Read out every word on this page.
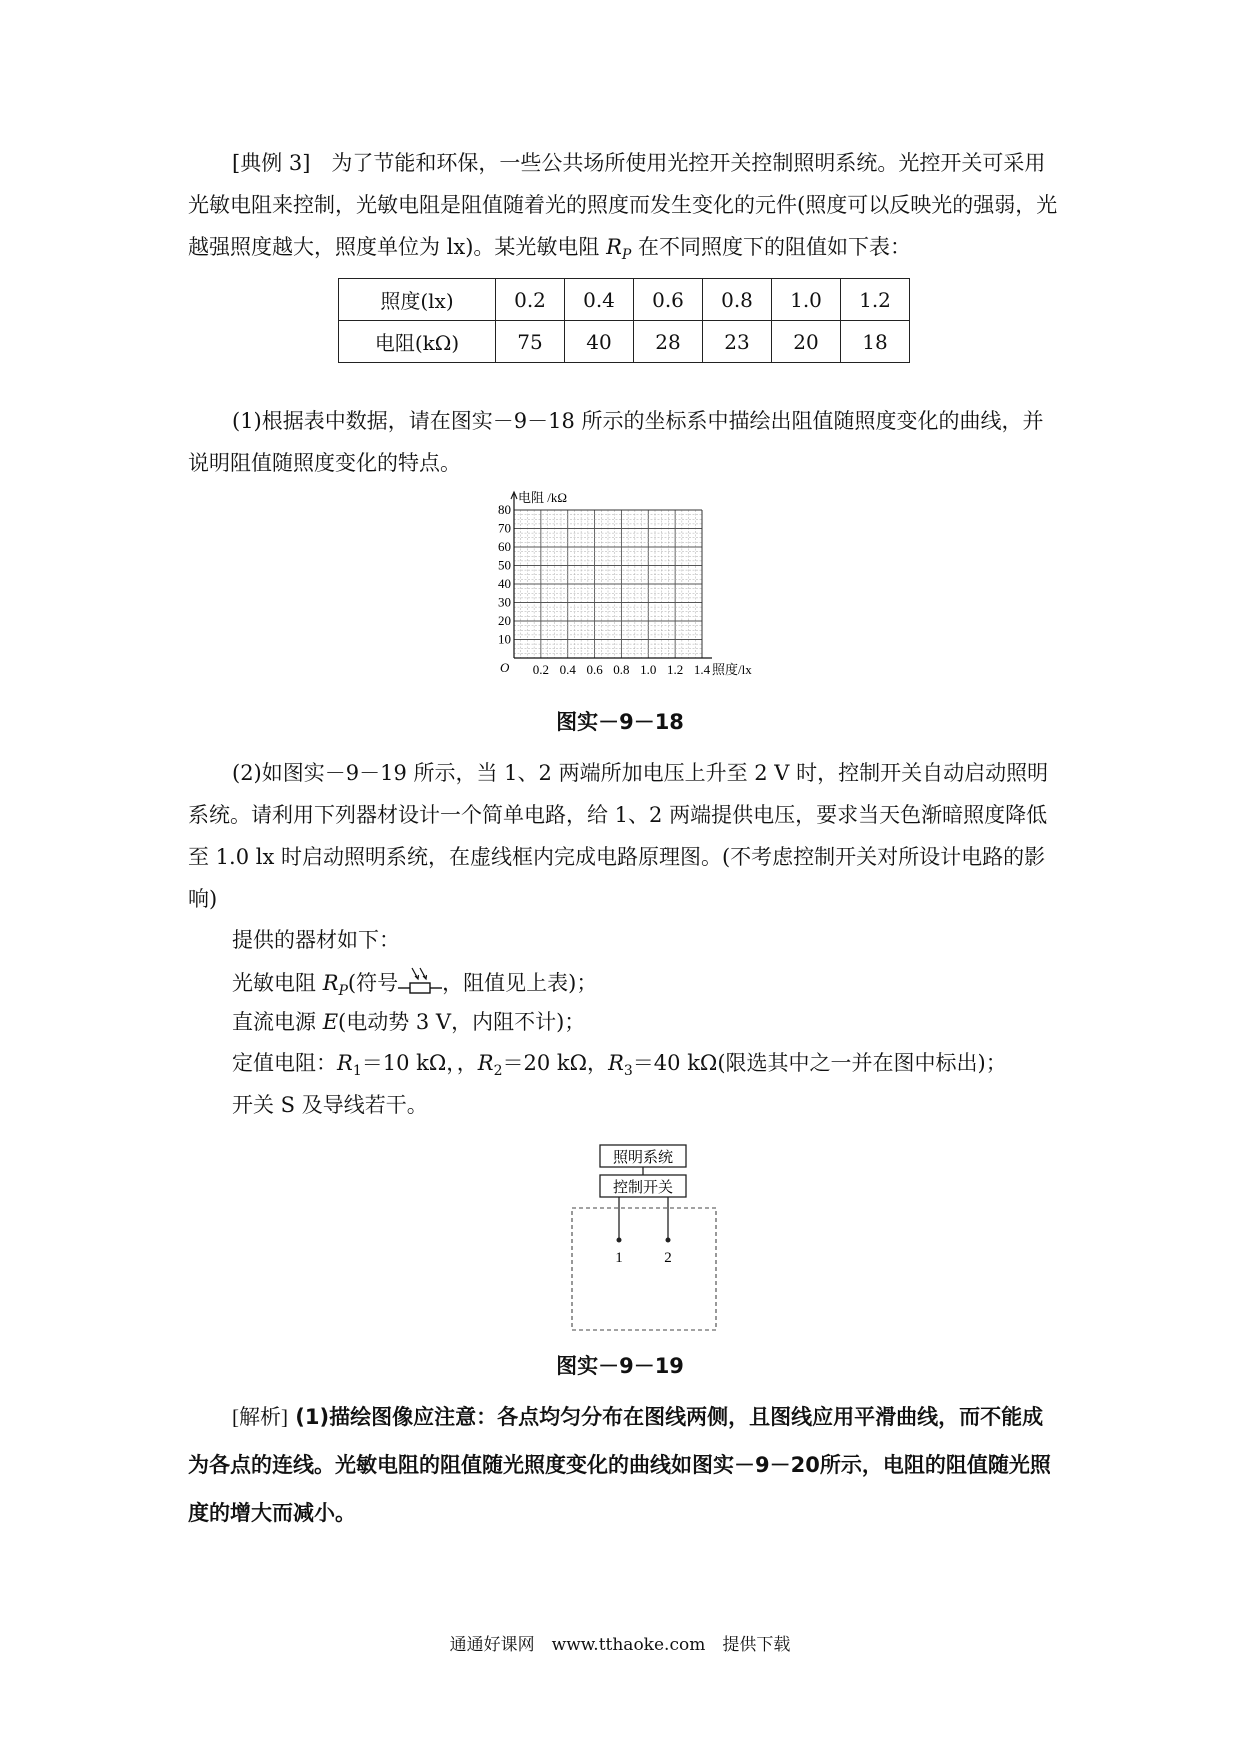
[典例 3]　 为了节能和环保，一些公共场所使用光控开关控制照明系统。光控开关可采用光敏电阻来控制，光敏电阻是阻值随着光的照度而发生变化的元件(照度可以反映光的强弱，光越强照度越大，照度单位为 lx)。某光敏电阻 $R_P$ 在不同照度下的阻值如下表：

照度(lx)	0.2	0.4	0.6	0.8	1.0	1.2
电阻(kΩ)	75	40	28	23	20	18

(1)根据表中数据，请在图实－9－18 所示的坐标系中描绘出阻值随照度变化的曲线，并说明阻值随照度变化的特点。

0.2 0.4 0.6 0.8 1.0 1.2 1.4
10
20
30
40
50
60
70
80
O
电阻 /kΩ
照度/lx
图实－9－18

(2)如图实－9－19 所示，当 1、2 两端所加电压上升至 2 V 时，控制开关自动启动照明系统。请利用下列器材设计一个简单电路，给 1、2 两端提供电压，要求当天色渐暗照度降低至 1.0 lx 时启动照明系统，在虚线框内完成电路原理图。(不考虑控制开关对所设计电路的影响)

提供的器材如下：
光敏电阻 $R_P$(符号 ，阻值见上表)；
直流电源 E(电动势 3 V，内阻不计)；
定值电阻：$R_1=10$ kΩ，，$R_2=20$ kΩ，$R_3=40$ kΩ(限选其中之一并在图中标出)；
开关 S 及导线若干。
照明系统
控制开关
1	2
图实－9－19

[解析] (1)描绘图像应注意：各点均匀分布在图线两侧，且图线应用平滑曲线，而不能成为各点的连线。光敏电阻的阻值随光照度变化的曲线如图实－9－20所示，电阻的阻值随光照度的增大而减小。

通通好课网　www.tthaoke.com　提供下载
